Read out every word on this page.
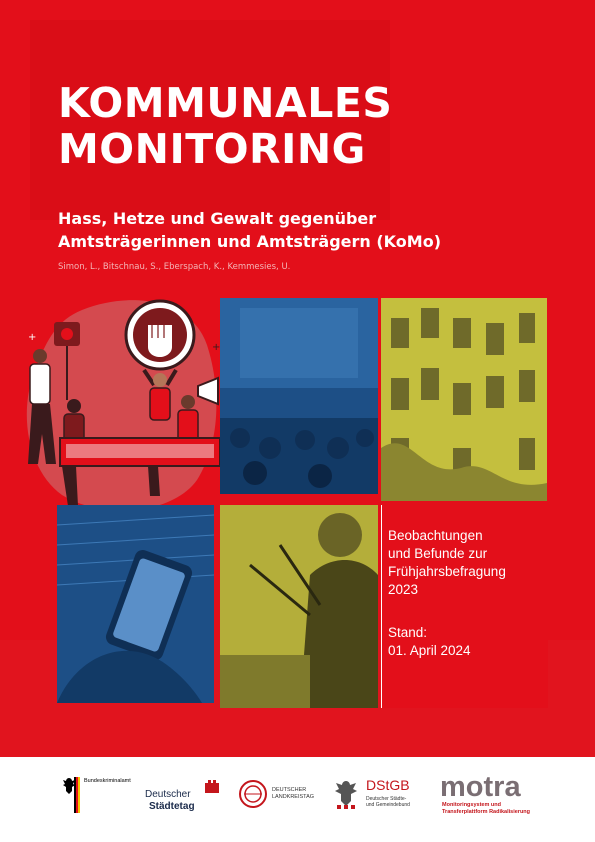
KOMMUNALES
MONITORING
Hass, Hetze und Gewalt gegenüber
Amtsträgerinnen und Amtsträgern (KoMo)
Simon, L., Bitschnau, S., Eberspach, K., Kemmesies, U.
+
+
Beobachtungen
und Befunde zur
Frühjahrsbefragung
2023
Stand:
01. April 2024
Bundeskriminalamt
Deutscher
Städtetag
DEUTSCHER
LANDKREISTAG
DStGB
Deutscher Städte-
und Gemeindebund
motra
Monitoringsystem und
Transferplattform Radikalisierung
